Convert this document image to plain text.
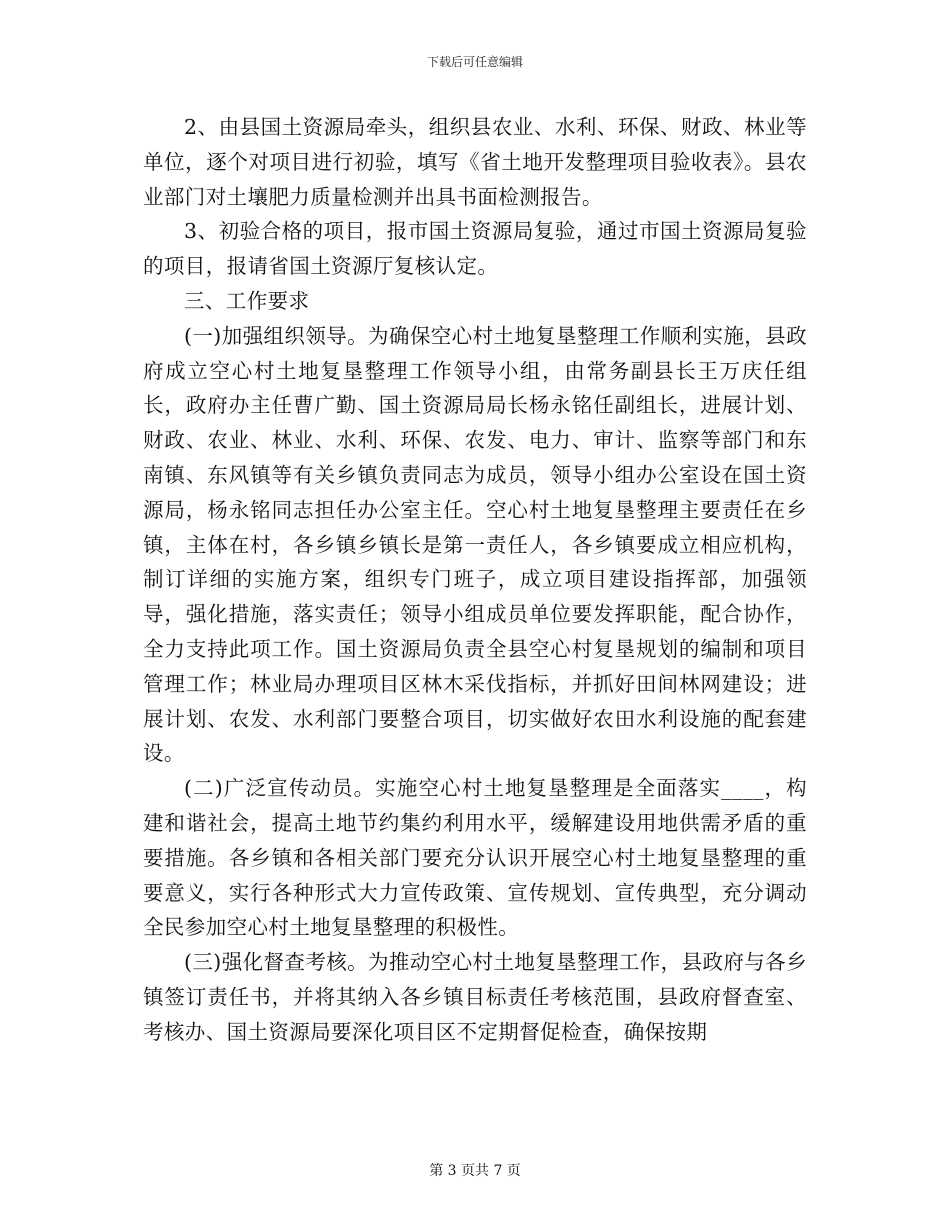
下载后可任意编辑

2、由县国土资源局牵头，组织县农业、水利、环保、财政、林业等单位，逐个对项目进行初验，填写《省土地开发整理项目验收表》。县农业部门对土壤肥力质量检测并出具书面检测报告。

3、初验合格的项目，报市国土资源局复验，通过市国土资源局复验的项目，报请省国土资源厅复核认定。

三、工作要求

(一)加强组织领导。为确保空心村土地复垦整理工作顺利实施，县政府成立空心村土地复垦整理工作领导小组，由常务副县长王万庆任组长，政府办主任曹广勤、国土资源局局长杨永铭任副组长，进展计划、财政、农业、林业、水利、环保、农发、电力、审计、监察等部门和东南镇、东风镇等有关乡镇负责同志为成员，领导小组办公室设在国土资源局，杨永铭同志担任办公室主任。空心村土地复垦整理主要责任在乡镇，主体在村，各乡镇乡镇长是第一责任人，各乡镇要成立相应机构，制订详细的实施方案，组织专门班子，成立项目建设指挥部，加强领导，强化措施，落实责任；领导小组成员单位要发挥职能，配合协作，全力支持此项工作。国土资源局负责全县空心村复垦规划的编制和项目管理工作；林业局办理项目区林木采伐指标，并抓好田间林网建设；进展计划、农发、水利部门要整合项目，切实做好农田水利设施的配套建设。

(二)广泛宣传动员。实施空心村土地复垦整理是全面落实____，构建和谐社会，提高土地节约集约利用水平，缓解建设用地供需矛盾的重要措施。各乡镇和各相关部门要充分认识开展空心村土地复垦整理的重要意义，实行各种形式大力宣传政策、宣传规划、宣传典型，充分调动全民参加空心村土地复垦整理的积极性。

(三)强化督查考核。为推动空心村土地复垦整理工作，县政府与各乡镇签订责任书，并将其纳入各乡镇目标责任考核范围，县政府督查室、考核办、国土资源局要深化项目区不定期督促检查，确保按期

第 3 页共 7 页
